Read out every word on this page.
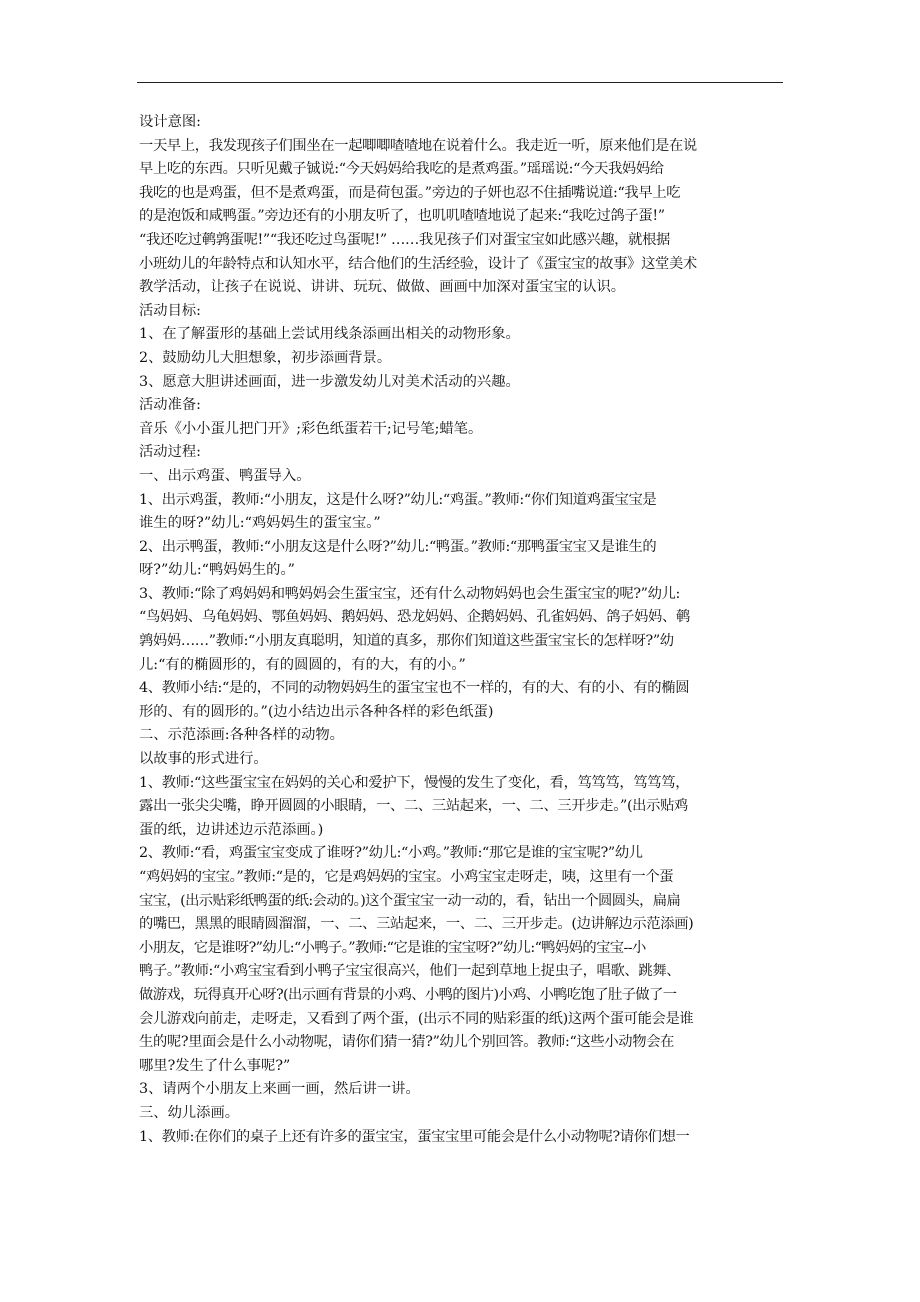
设计意图:
一天早上，我发现孩子们围坐在一起唧唧喳喳地在说着什么。我走近一听，原来他们是在说
早上吃的东西。只听见戴子铖说:“今天妈妈给我吃的是煮鸡蛋。”瑶瑶说:“今天我妈妈给
我吃的也是鸡蛋，但不是煮鸡蛋，而是荷包蛋。”旁边的子妍也忍不住插嘴说道:“我早上吃
的是泡饭和咸鸭蛋。”旁边还有的小朋友听了，也叽叽喳喳地说了起来:“我吃过鸽子蛋!”
“我还吃过鹌鹑蛋呢!”“我还吃过鸟蛋呢!” ……我见孩子们对蛋宝宝如此感兴趣，就根据
小班幼儿的年龄特点和认知水平，结合他们的生活经验，设计了《蛋宝宝的故事》这堂美术
教学活动，让孩子在说说、讲讲、玩玩、做做、画画中加深对蛋宝宝的认识。
活动目标:
1、在了解蛋形的基础上尝试用线条添画出相关的动物形象。
2、鼓励幼儿大胆想象，初步添画背景。
3、愿意大胆讲述画面，进一步激发幼儿对美术活动的兴趣。
活动准备:
音乐《小小蛋儿把门开》;彩色纸蛋若干;记号笔;蜡笔。
活动过程:
一、出示鸡蛋、鸭蛋导入。
1、出示鸡蛋，教师:“小朋友，这是什么呀?”幼儿:“鸡蛋。”教师:“你们知道鸡蛋宝宝是
谁生的呀?”幼儿:“鸡妈妈生的蛋宝宝。”
2、出示鸭蛋，教师:“小朋友这是什么呀?”幼儿:“鸭蛋。”教师:“那鸭蛋宝宝又是谁生的
呀?”幼儿:“鸭妈妈生的。”
3、教师:“除了鸡妈妈和鸭妈妈会生蛋宝宝，还有什么动物妈妈也会生蛋宝宝的呢?”幼儿:
“鸟妈妈、乌龟妈妈、鄂鱼妈妈、鹅妈妈、恐龙妈妈、企鹅妈妈、孔雀妈妈、鸽子妈妈、鹌
鹑妈妈……”教师:“小朋友真聪明，知道的真多，那你们知道这些蛋宝宝长的怎样呀?”幼
儿:“有的椭圆形的，有的圆圆的，有的大，有的小。”
4、教师小结:“是的，不同的动物妈妈生的蛋宝宝也不一样的，有的大、有的小、有的椭圆
形的、有的圆形的。”(边小结边出示各种各样的彩色纸蛋)
二、示范添画:各种各样的动物。
以故事的形式进行。
1、教师:“这些蛋宝宝在妈妈的关心和爱护下，慢慢的发生了变化，看，笃笃笃，笃笃笃，
露出一张尖尖嘴，睁开圆圆的小眼睛，一、二、三站起来，一、二、三开步走。”(出示贴鸡
蛋的纸，边讲述边示范添画。)
2、教师:“看，鸡蛋宝宝变成了谁呀?”幼儿:“小鸡。”教师:“那它是谁的宝宝呢?”幼儿
“鸡妈妈的宝宝。”教师:“是的，它是鸡妈妈的宝宝。小鸡宝宝走呀走，咦，这里有一个蛋
宝宝，(出示贴彩纸鸭蛋的纸:会动的。)这个蛋宝宝一动一动的，看，钻出一个圆圆头，扁扁
的嘴巴，黑黑的眼睛圆溜溜，一、二、三站起来，一、二、三开步走。(边讲解边示范添画)
小朋友，它是谁呀?”幼儿:“小鸭子。”教师:“它是谁的宝宝呀?”幼儿:“鸭妈妈的宝宝--小
鸭子。”教师:“小鸡宝宝看到小鸭子宝宝很高兴，他们一起到草地上捉虫子，唱歌、跳舞、
做游戏，玩得真开心呀?(出示画有背景的小鸡、小鸭的图片)小鸡、小鸭吃饱了肚子做了一
会儿游戏向前走，走呀走，又看到了两个蛋，(出示不同的贴彩蛋的纸)这两个蛋可能会是谁
生的呢?里面会是什么小动物呢，请你们猜一猜?”幼儿个别回答。教师:“这些小动物会在
哪里?发生了什么事呢?”
3、请两个小朋友上来画一画，然后讲一讲。
三、幼儿添画。
1、教师:在你们的桌子上还有许多的蛋宝宝，蛋宝宝里可能会是什么小动物呢?请你们想一
